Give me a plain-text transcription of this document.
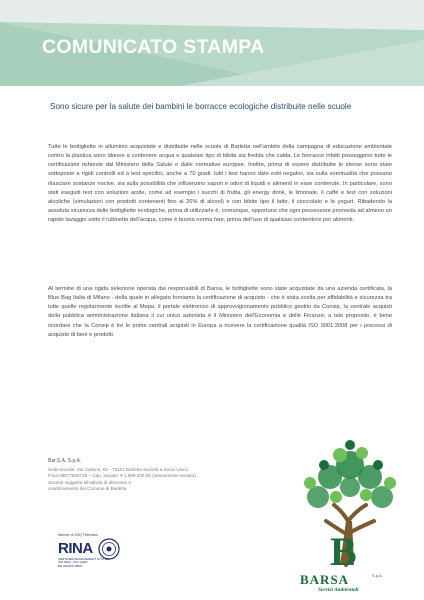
COMUNICATO STAMPA
Sono sicure per la salute dei bambini le borracce ecologiche distribuite nelle scuole
Tutte le bottigliette in alluminio acquistate e distribuite nelle scuole di Barletta nell’ambito della campagna di educazione ambientale contro la plastica sono idonee a contenere acqua e qualsiasi tipo di bibita sia fredda che calda. Le borracce infatti posseggono tutte le certificazioni richieste dal Ministero della Salute e dalle normative europee. Inoltre, prima di essere distribuite le stesse sono state sottoposte a rigidi controlli ed a test specifici, anche a 70 gradi: tutti i test hanno dato esiti negativi, sia sulla eventualità che possano rilasciare sostanze nocive, sia sulla possibilità che influenzino sapori e odori di liquidi e alimenti in esse contenute. In particolare, sono stati eseguiti test con soluzioni acide, come ad esempio i succhi di frutta, gli energy drink, le limonate, il caffè e test con soluzioni alcoliche (simulazioni con prodotti contenenti fino al 20% di alcool) e con bibite tipo il latte, il cioccolato e lo yogurt. Ribadendo la assoluta sicurezza delle bottigliette ecologiche, prima di utilizzarle è, comunque, opportuno che ogni possessore provveda ad almeno un rapido lavaggio sotto il rubinetto dell’acqua, come è buona norma fare, prima dell’uso di qualsiasi contenitore per alimenti.
Al termine di una rigida selezione operata dai responsabili di Barsa, le bottigliette sono state acquistate da una azienda certificata, la Blue Bag Italia di Milano - della quale in allegato forniamo la certificazione di acquisto - che è stata scelta per affidabilità e sicurezza tra tutte quelle regolarmente iscritte al Mepa, il portale elettronico di approvvigionamento pubblico gestito da Consip, la centrale acquisti della pubblica amministrazione italiana il cui unico azionista è il Ministero dell’Economia e delle Finanze; a tale proposito, è bene ricordare che la Consip è tre le prime centrali acquisti in Europa a ricevere la certificazione qualità ISO 9001:2008 per i processi di acquisto di beni e prodotti.
Bar.S.A. S.p.A.
Sede sociale: Via Callano, 61 - 76121 Barletta Società a Socio Unico
P.Iva 05577800725 – Cap. sociale: € 1.969.200,00 (interamente versato)
Società soggetta all’attività di direzione e
coordinamento del Comune di Barletta
Member of CISQ Federation
RINA
CERTIFIED MANAGEMENT SYSTEM
ISO 9001 • ISO 14001
BS OHSAS 18001	B
BARSA	S.p.A.
Servizi Ambientali
